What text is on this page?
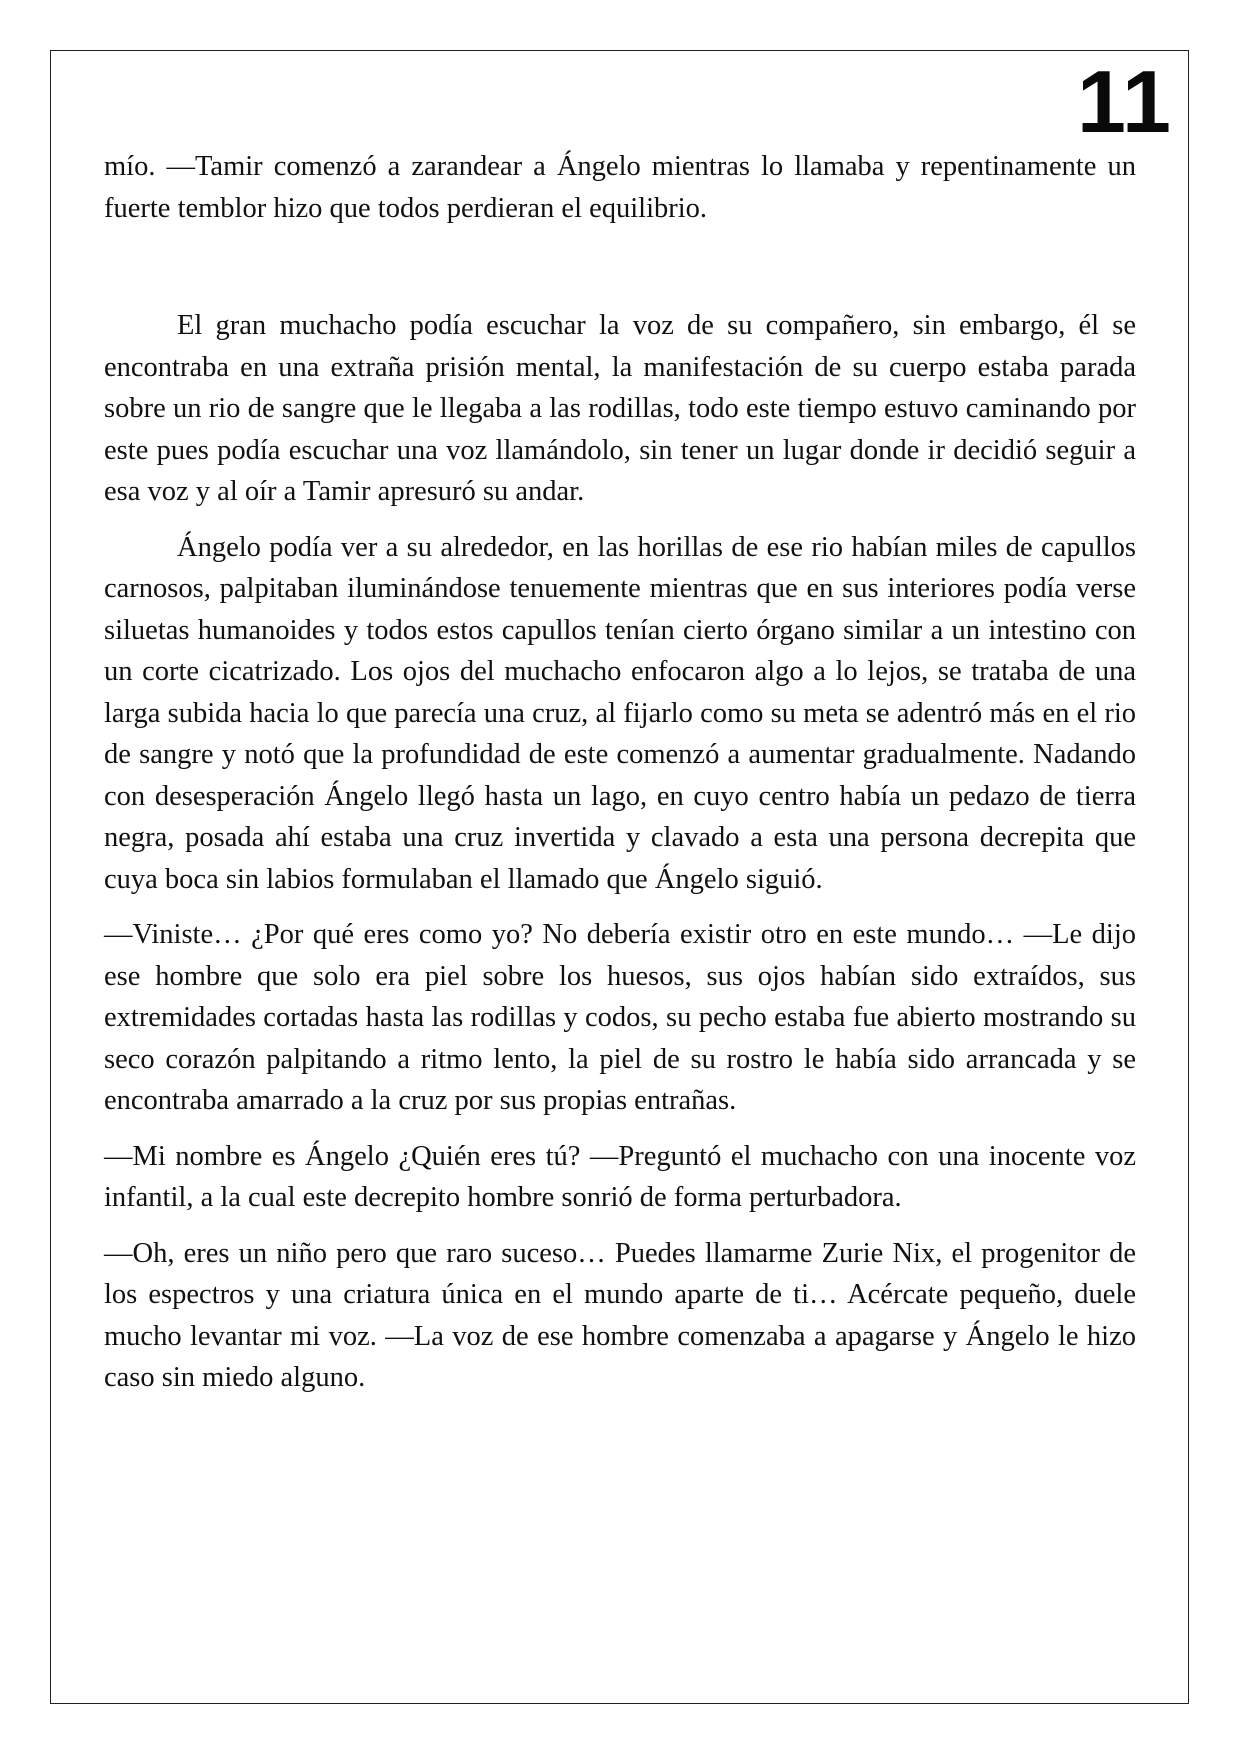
11

mío. —Tamir comenzó a zarandear a Ángelo mientras lo llamaba y repentinamente un fuerte temblor hizo que todos perdieran el equilibrio.

El gran muchacho podía escuchar la voz de su compañero, sin embargo, él se encontraba en una extraña prisión mental, la manifestación de su cuerpo estaba parada sobre un rio de sangre que le llegaba a las rodillas, todo este tiempo estuvo caminando por este pues podía escuchar una voz llamándolo, sin tener un lugar donde ir decidió seguir a esa voz y al oír a Tamir apresuró su andar.

Ángelo podía ver a su alrededor, en las horillas de ese rio habían miles de capullos carnosos, palpitaban iluminándose tenuemente mientras que en sus interiores podía verse siluetas humanoides y todos estos capullos tenían cierto órgano similar a un intestino con un corte cicatrizado. Los ojos del muchacho enfocaron algo a lo lejos, se trataba de una larga subida hacia lo que parecía una cruz, al fijarlo como su meta se adentró más en el rio de sangre y notó que la profundidad de este comenzó a aumentar gradualmente. Nadando con desesperación Ángelo llegó hasta un lago, en cuyo centro había un pedazo de tierra negra, posada ahí estaba una cruz invertida y clavado a esta una persona decrepita que cuya boca sin labios formulaban el llamado que Ángelo siguió.

—Viniste… ¿Por qué eres como yo? No debería existir otro en este mundo… —Le dijo ese hombre que solo era piel sobre los huesos, sus ojos habían sido extraídos, sus extremidades cortadas hasta las rodillas y codos, su pecho estaba fue abierto mostrando su seco corazón palpitando a ritmo lento, la piel de su rostro le había sido arrancada y se encontraba amarrado a la cruz por sus propias entrañas.

—Mi nombre es Ángelo ¿Quién eres tú? —Preguntó el muchacho con una inocente voz infantil, a la cual este decrepito hombre sonrió de forma perturbadora.

—Oh, eres un niño pero que raro suceso… Puedes llamarme Zurie Nix, el progenitor de los espectros y una criatura única en el mundo aparte de ti… Acércate pequeño, duele mucho levantar mi voz. —La voz de ese hombre comenzaba a apagarse y Ángelo le hizo caso sin miedo alguno.
